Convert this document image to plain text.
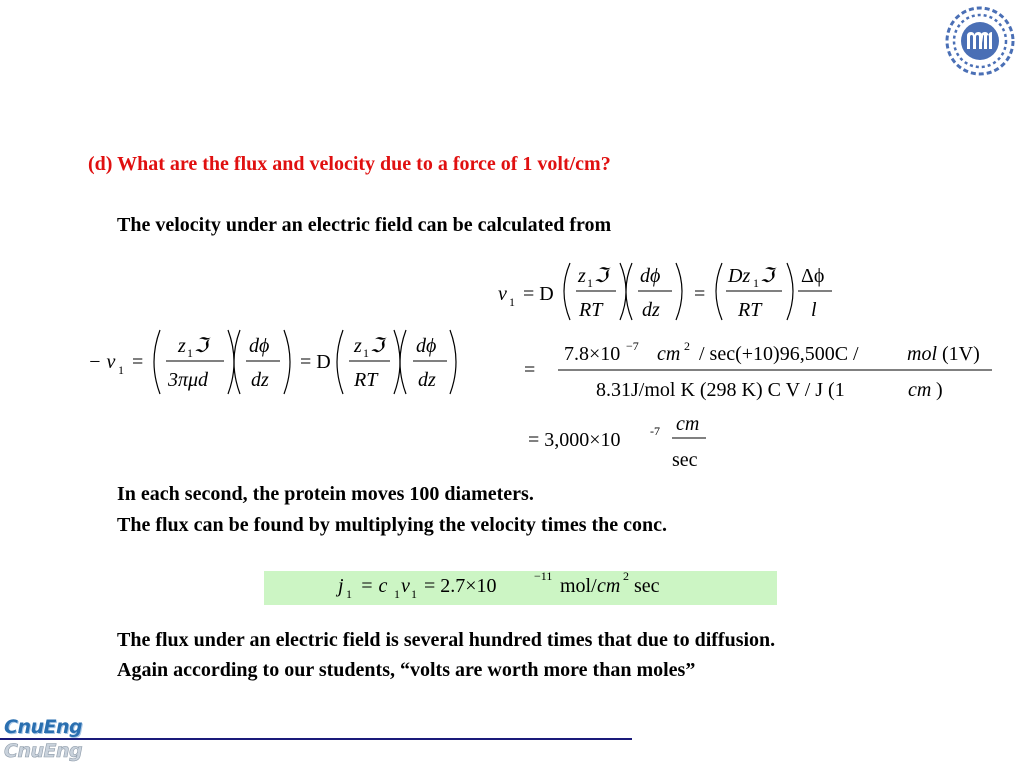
(d) What are the flux and velocity due to a force of 1 volt/cm?
The velocity under an electric field can be calculated from
v 1 = D
z 1 ℑ
RT
dϕ
dz
=
Dz 1 ℑ
RT
Δϕ
l
− v 1 =
z 1 ℑ
3πμd
dϕ
dz
= D
z 1 ℑ
RT
dϕ
dz	=
7.8×10 −7 cm 2 / sec(+10)96,500C / mol (1V)
8.31J/mol K (298 K) C V / J (1	cm )
= 3,000×10 -7 cm
sec
In each second, the protein moves 100 diameters.
The flux can be found by multiplying the velocity times the conc.
j 1 = c 1 v 1 = 2.7×10	−11 mol/ cm 2 sec
The flux under an electric field is several hundred times that due to diffusion.
Again according to our students, “volts are worth more than moles”
CnuEng
CnuEng
